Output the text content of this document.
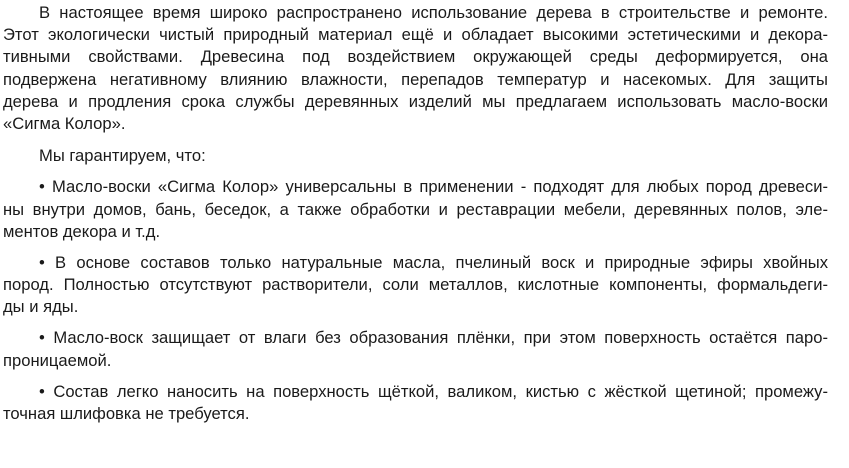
В настоящее время широко распространено использование дерева в строительстве и ремонте.
Этот экологически чистый природный материал ещё и обладает высокими эстетическими и декора-
тивными свойствами. Древесина под воздействием окружающей среды деформируется, она
подвержена негативному влиянию влажности, перепадов температур и насекомых. Для защиты
дерева и продления срока службы деревянных изделий мы предлагаем использовать масло-воски
«Сигма Колор».
Мы гарантируем, что:
• Масло-воски «Сигма Колор» универсальны в применении - подходят для любых пород древеси-
ны внутри домов, бань, беседок, а также обработки и реставрации мебели, деревянных полов, эле-
ментов декора и т.д.
• В основе составов только натуральные масла, пчелиный воск и природные эфиры хвойных
пород. Полностью отсутствуют растворители, соли металлов, кислотные компоненты, формальдеги-
ды и яды.
• Масло-воск защищает от влаги без образования плёнки, при этом поверхность остаётся паро-
проницаемой.
• Состав легко наносить на поверхность щёткой, валиком, кистью с жёсткой щетиной; промежу-
точная шлифовка не требуется.
